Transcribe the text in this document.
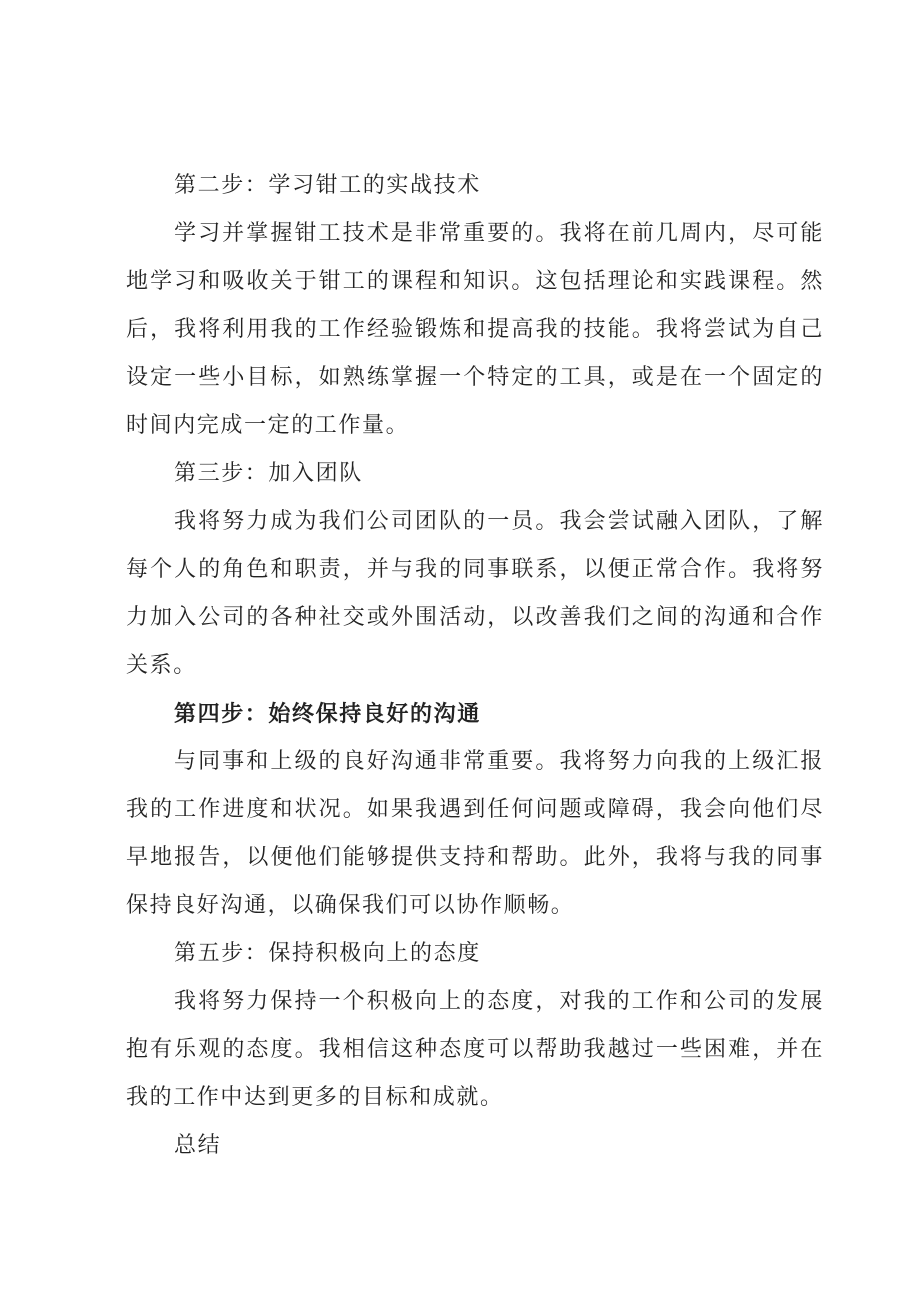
第二步：学习钳工的实战技术

学习并掌握钳工技术是非常重要的。我将在前几周内，尽可能地学习和吸收关于钳工的课程和知识。这包括理论和实践课程。然后，我将利用我的工作经验锻炼和提高我的技能。我将尝试为自己设定一些小目标，如熟练掌握一个特定的工具，或是在一个固定的时间内完成一定的工作量。

第三步：加入团队

我将努力成为我们公司团队的一员。我会尝试融入团队，了解每个人的角色和职责，并与我的同事联系，以便正常合作。我将努力加入公司的各种社交或外围活动，以改善我们之间的沟通和合作关系。

第四步：始终保持良好的沟通

与同事和上级的良好沟通非常重要。我将努力向我的上级汇报我的工作进度和状况。如果我遇到任何问题或障碍，我会向他们尽早地报告，以便他们能够提供支持和帮助。此外，我将与我的同事保持良好沟通，以确保我们可以协作顺畅。

第五步：保持积极向上的态度

我将努力保持一个积极向上的态度，对我的工作和公司的发展抱有乐观的态度。我相信这种态度可以帮助我越过一些困难，并在我的工作中达到更多的目标和成就。

总结
